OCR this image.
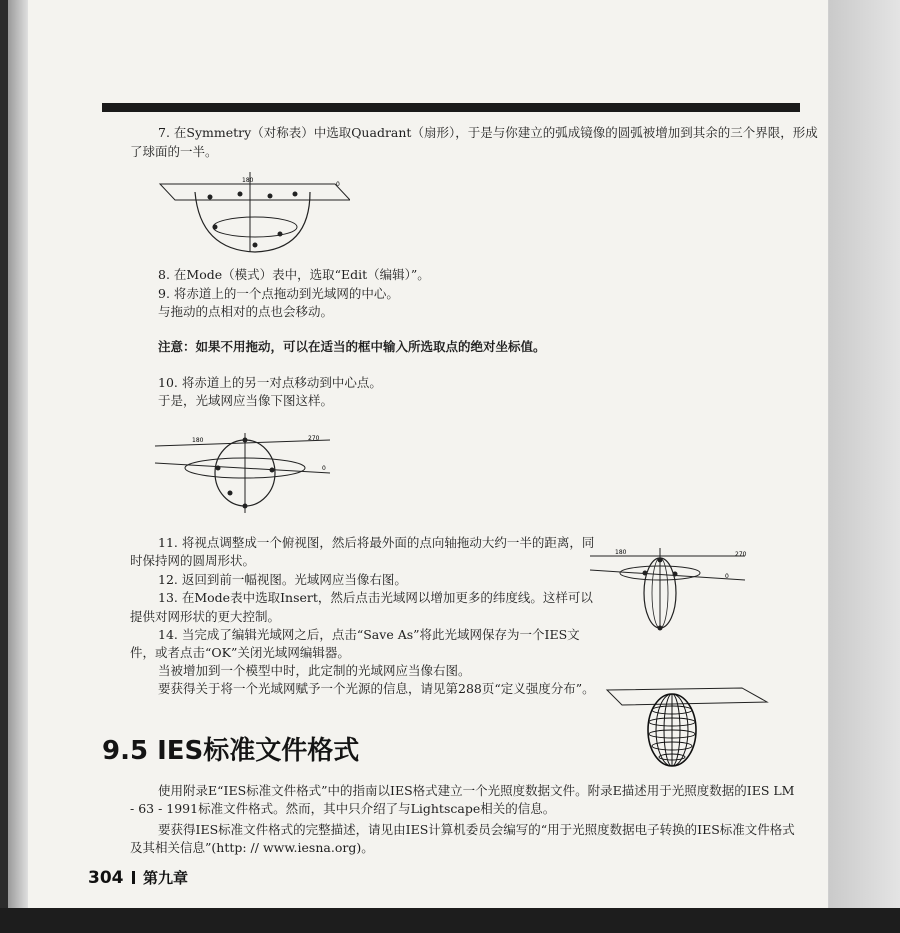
7. 在Symmetry（对称表）中选取Quadrant（扇形），于是与你建立的弧成镜像的圆弧被增加到其余的三个界限，形成
了球面的一半。
180
0
8. 在Mode（模式）表中，选取“Edit（编辑）”。
9. 将赤道上的一个点拖动到光域网的中心。
与拖动的点相对的点也会移动。
注意：如果不用拖动，可以在适当的框中输入所选取点的绝对坐标值。
10. 将赤道上的另一对点移动到中心点。
于是，光域网应当像下图这样。
180	270
0
11. 将视点调整成一个俯视图，然后将最外面的点向轴拖动大约一半的距离，同
时保持网的圆周形状。
12. 返回到前一幅视图。光域网应当像右图。
13. 在Mode表中选取Insert，然后点击光域网以增加更多的纬度线。这样可以
提供对网形状的更大控制。
14. 当完成了编辑光域网之后，点击“Save As”将此光域网保存为一个IES文
件，或者点击“OK”关闭光域网编辑器。
当被增加到一个模型中时，此定制的光域网应当像右图。
要获得关于将一个光域网赋予一个光源的信息，请见第288页“定义强度分布”。
180	270
0
9.5 IES标准文件格式
使用附录E“IES标准文件格式”中的指南以IES格式建立一个光照度数据文件。附录E描述用于光照度数据的IES LM
- 63 - 1991标准文件格式。然而，其中只介绍了与Lightscape相关的信息。
要获得IES标准文件格式的完整描述，请见由IES计算机委员会编写的“用于光照度数据电子转换的IES标准文件格式
及其相关信息”(http: // www.iesna.org)。
304 第九章
